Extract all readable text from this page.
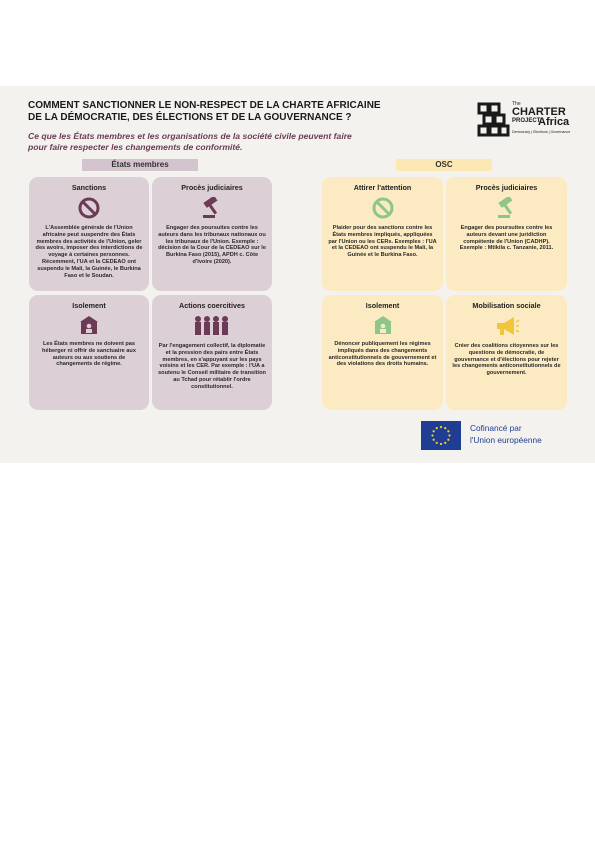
COMMENT SANCTIONNER LE NON-RESPECT DE LA CHARTE AFRICAINE
DE LA DÉMOCRATIE, DES ÉLECTIONS ET DE LA GOUVERNANCE ?
Ce que les États membres et les organisations de la société civile peuvent faire
pour faire respecter les changements de conformité.
The
CHARTER
PROJECT
Africa
Democracy | Elections | Governance
États membres	OSC
Sanctions

L'Assemblée générale de l'Union africaine peut suspendre des États membres des activités de l'Union, geler des avoirs, imposer des interdictions de voyage à certaines personnes. Récemment, l'UA et la CEDEAO ont suspendu le Mali, la Guinée, le Burkina Faso et le Soudan.

Procès judiciaires

Engager des poursuites contre les auteurs dans les tribunaux nationaux ou les tribunaux de l'Union. Exemple : décision de la Cour de la CEDEAO sur le Burkina Faso (2015), APDH c. Côte d'Ivoire (2020).

Isolement

Les États membres ne doivent pas héberger ni offrir de sanctuaire aux auteurs ou aux soutiens de changements de régime.

Actions coercitives

Par l'engagement collectif, la diplomatie et la pression des pairs entre États membres, en s'appuyant sur les pays voisins et les CER. Par exemple : l'UA a soutenu le Conseil militaire de transition au Tchad pour rétablir l'ordre constitutionnel.

Attirer l'attention

Plaider pour des sanctions contre les États membres impliqués, appliquées par l'Union ou les CERs. Exemples : l'UA et la CEDEAO ont suspendu le Mali, la Guinée et le Burkina Faso.

Procès judiciaires

Engager des poursuites contre les auteurs devant une juridiction compétente de l'Union (CADHP). Exemple : Mtikila c. Tanzanie, 2011.

Isolement

Dénoncer publiquement les régimes impliqués dans des changements anticonstitutionnels de gouvernement et des violations des droits humains.

Mobilisation sociale

Créer des coalitions citoyennes sur les questions de démocratie, de gouvernance et d'élections pour rejeter les changements anticonstitutionnels de gouvernement.

Cofinancé par
l'Union européenne
